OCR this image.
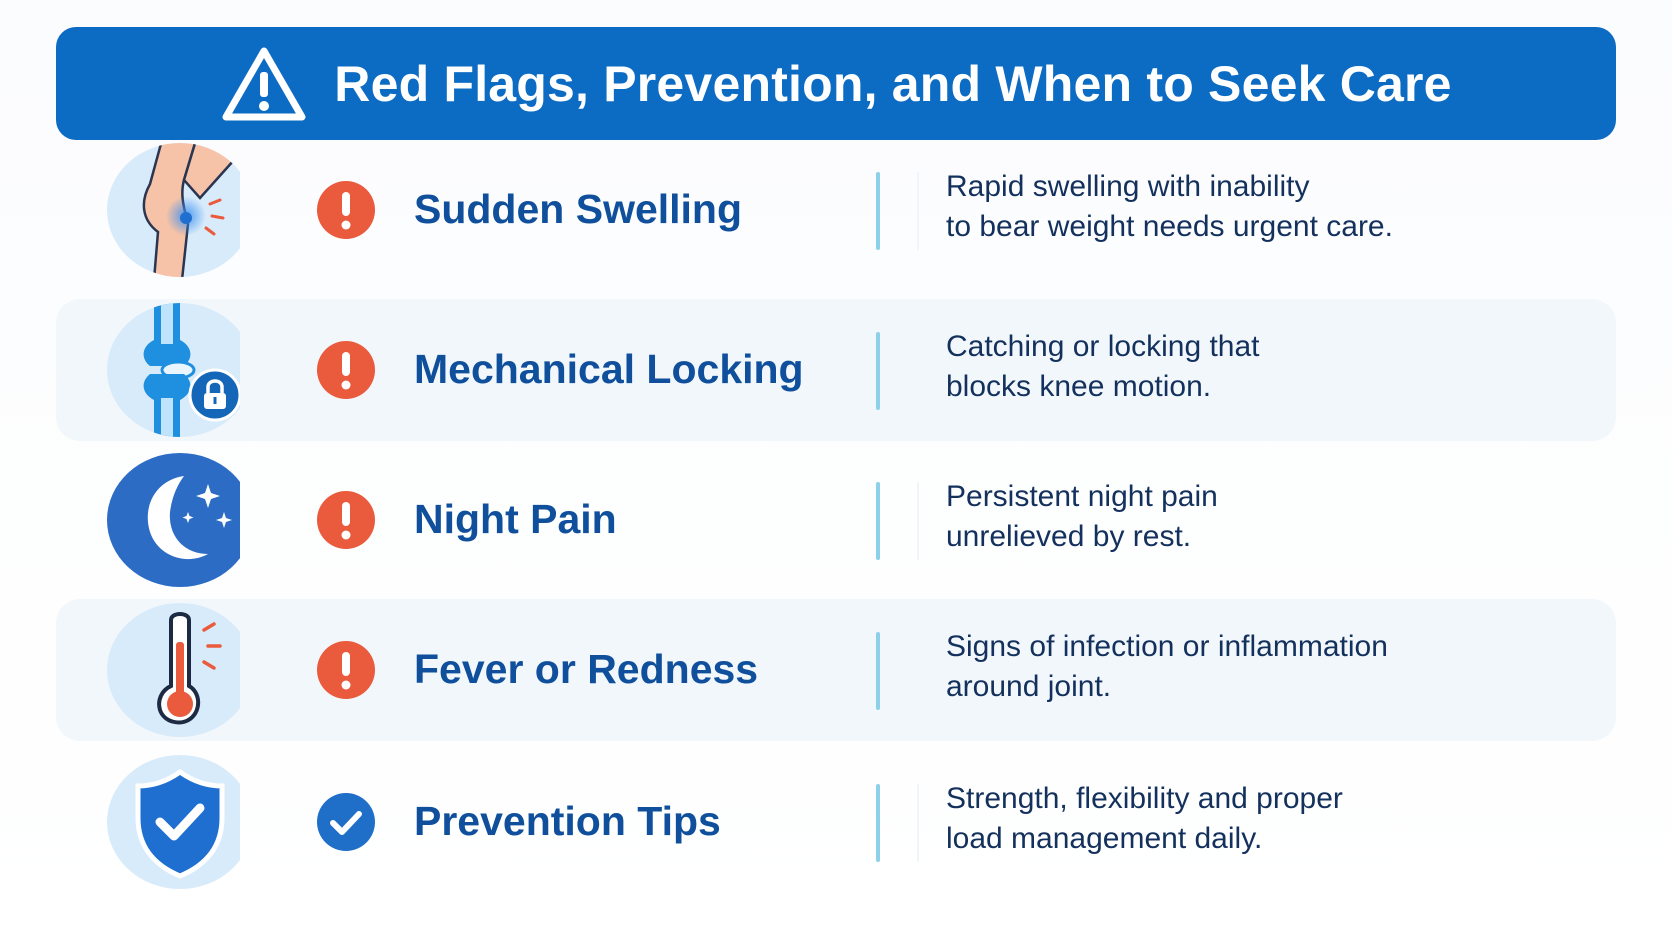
Red Flags, Prevention, and When to Seek Care
Sudden Swelling	Rapid swelling with inability
to bear weight needs urgent care.
Mechanical Locking	Catching or locking that
blocks knee motion.
Night Pain	Persistent night pain
unrelieved by rest.
Fever or Redness	Signs of infection or inflammation
around joint.
Prevention Tips	Strength, flexibility and proper
load management daily.
